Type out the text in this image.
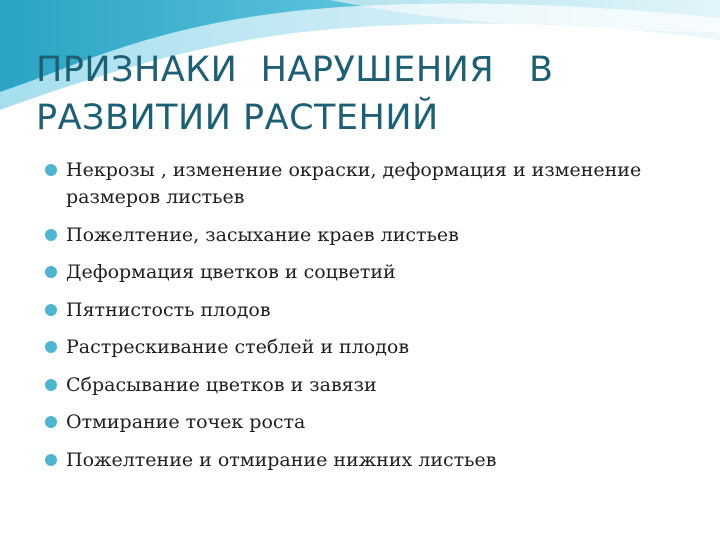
ПРИЗНАКИ  НАРУШЕНИЯ   В
РАЗВИТИИ РАСТЕНИЙ
Некрозы , изменение окраски, деформация и изменение размеров листьев
Пожелтение, засыхание краев листьев
Деформация цветков и соцветий
Пятнистость плодов
Растрескивание стеблей и плодов
Сбрасывание цветков и завязи
Отмирание точек роста
Пожелтение и отмирание нижних листьев
